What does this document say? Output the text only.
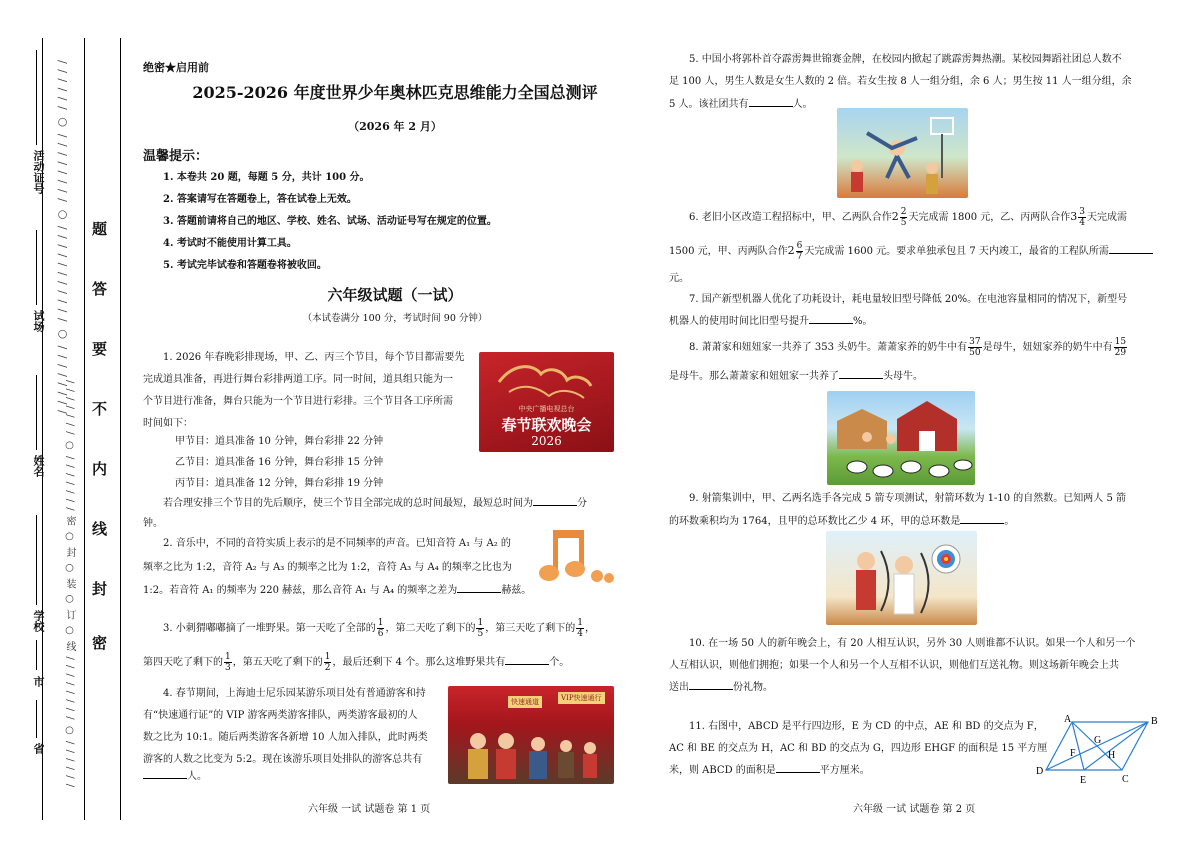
/ / / / / / ○ / / / / / / / / ○ / / / / / / / / / / / ○ / / / / / / / /
/ / / / / / / ○ / / / / / / / 密 ○ 封 ○ 装 ○ 订 ○ 线 / / / / / / / / ○ / / / / / /
活动证号
试场
姓名
学校
市
省
题
答
要
不
内
线
封
密
绝密★启用前
2025-2026 年度世界少年奥林匹克思维能力全国总测评
（2026 年 2 月）
温馨提示：
1. 本卷共 20 题，每题 5 分，共计 100 分。
2. 答案请写在答题卷上，答在试卷上无效。
3. 答题前请将自己的地区、学校、姓名、试场、活动证号写在规定的位置。
4. 考试时不能使用计算工具。
5. 考试完毕试卷和答题卷将被收回。
六年级试题（一试）
（本试卷满分 100 分，考试时间 90 分钟）
1. 2026 年春晚彩排现场，甲、乙、丙三个节目，每个节目都需要先
完成道具准备，再进行舞台彩排两道工序。同一时间，道具组只能为一
个节目进行准备，舞台只能为一个节目进行彩排。三个节目各工序所需
时间如下：
甲节目：道具准备 10 分钟，舞台彩排 22 分钟
乙节目：道具准备 16 分钟，舞台彩排 15 分钟
丙节目：道具准备 12 分钟，舞台彩排 19 分钟
若合理安排三个节目的先后顺序，使三个节目全部完成的总时间最短，最短总时间为	分
钟。
中央广播电视总台
春节联欢晚会
2026
2. 音乐中，不同的音符实质上表示的是不同频率的声音。已知音符 A₁ 与 A₂ 的
频率之比为 1:2，音符 A₂ 与 A₃ 的频率之比为 1:2，音符 A₃ 与 A₄ 的频率之比也为
1:2。若音符 A₁ 的频率为 220 赫兹，那么音符 A₁ 与 A₄ 的频率之差为	赫兹。
3. 小刺猬嘟嘟摘了一堆野果。第一天吃了全部的 $\frac{1}{6}$ ，第二天吃了剩下的 $\frac{1}{5}$ ，第三天吃了剩下的 $\frac{1}{4}$ ，
第四天吃了剩下的 $\frac{1}{3}$ ，第五天吃了剩下的 $\frac{1}{2}$ ，最后还剩下 4 个。那么这堆野果共有	个。
4. 春节期间，上海迪士尼乐园某游乐项目处有普通游客和持
有“快速通行证”的 VIP 游客两类游客排队，两类游客最初的人
数之比为 10:1。随后两类游客各新增 10 人加入排队，此时两类
游客的人数之比变为 5:2。现在该游乐项目处排队的游客总共有
人。
快速通道	VIP快速通行
六年级 一试 试题卷 第 1 页
5. 中国小将郭朴首夺霹雳舞世锦赛金牌，在校园内掀起了跳霹雳舞热潮。某校园舞蹈社团总人数不
足 100 人，男生人数是女生人数的 2 倍。若女生按 8 人一组分组，余 6 人；男生按 11 人一组分组，余
5 人。该社团共有	人。
6. 老旧小区改造工程招标中，甲、乙两队合作$2 \frac{2}{5}$ 天完成需 1800 元，乙、丙两队合作$3 \frac{3}{4}$ 天完成需
1500 元，甲、丙两队合作$2 \frac{6}{7}$ 天完成需 1600 元。要求单独承包且 7 天内竣工，最省的工程队所需
元。
7. 国产新型机器人优化了功耗设计，耗电量较旧型号降低 20%。在电池容量相同的情况下，新型号
机器人的使用时间比旧型号提升	%。
8. 萧萧家和妞妞家一共养了 353 头奶牛。萧萧家养的奶牛中有 $\frac{37}{50}$ 是母牛，妞妞家养的奶牛中有 $\frac{15}{29}$
是母牛。那么萧萧家和妞妞家一共养了	头母牛。
9. 射箭集训中，甲、乙两名选手各完成 5 箭专项测试，射箭环数为 1-10 的自然数。已知两人 5 箭
的环数乘积均为 1764，且甲的总环数比乙少 4 环，甲的总环数是	。
10. 在一场 50 人的新年晚会上，有 20 人相互认识，另外 30 人则谁都不认识。如果一个人和另一个
人互相认识，则他们拥抱；如果一个人和另一个人互相不认识，则他们互送礼物。则这场新年晚会上共
送出	份礼物。
11. 右图中，ABCD 是平行四边形，E 为 CD 的中点，AE 和 BD 的交点为 F，
AC 和 BE 的交点为 H，AC 和 BD 的交点为 G，四边形 EHGF 的面积是 15 平方厘
米，则 ABCD 的面积是	平方厘米。
A	B
C
D
E
F
G
H
六年级 一试 试题卷 第 2 页
